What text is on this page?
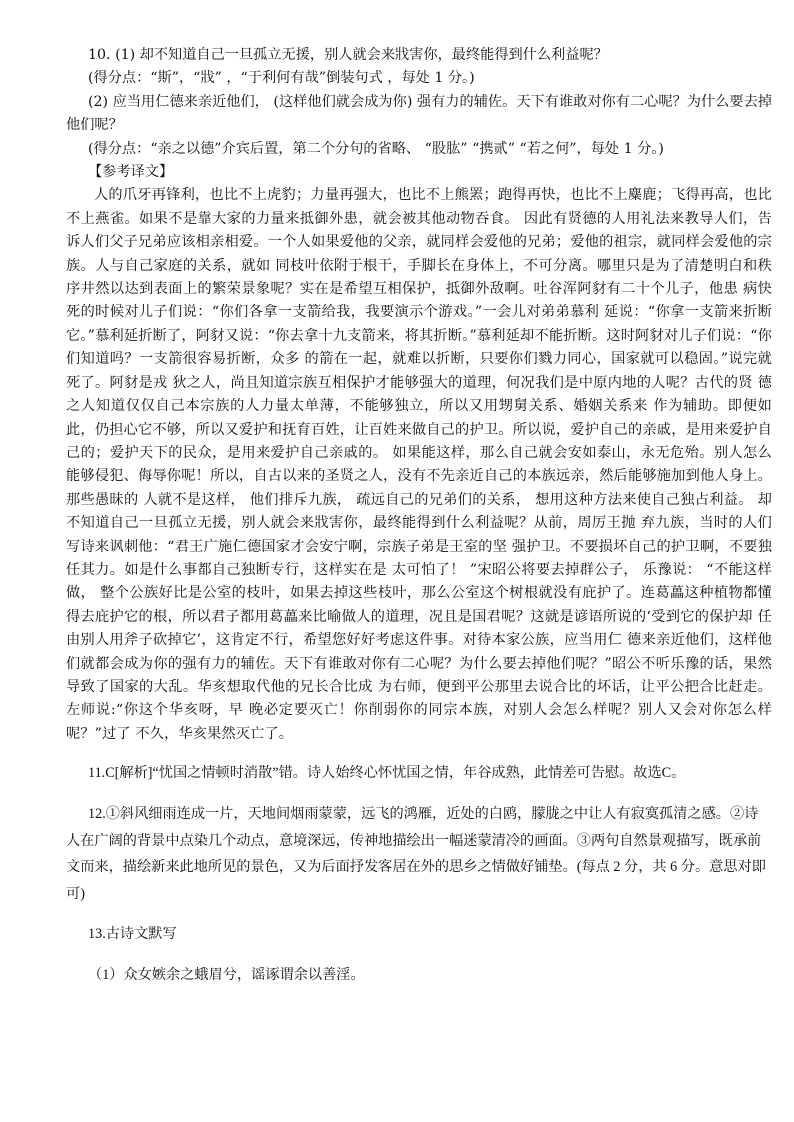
10. (1) 却不知道自己一旦孤立无援，别人就会来戕害你，最终能得到什么利益呢？

(得分点：“斯”，“戕” ，“于利何有哉”倒装句式 ，每处 1 分。)

(2) 应当用仁德来亲近他们， (这样他们就会成为你) 强有力的辅佐。天下有谁敢对你有二心呢？为什么要去掉他们呢？

(得分点：“亲之以德”介宾后置，第二个分句的省略、 “股肱” “携贰” “若之何”，每处 1 分。)

【参考译文】

人的爪牙再锋利，也比不上虎豹；力量再强大，也比不上熊罴；跑得再快，也比不上麋鹿；飞得再高，也比不上燕雀。如果不是靠大家的力量来抵御外患，就会被其他动物吞食。 因此有贤德的人用礼法来教导人们，告诉人们父子兄弟应该相亲相爱。一个人如果爱他的父亲，就同样会爱他的兄弟；爱他的祖宗，就同样会爱他的宗族。人与自己家庭的关系，就如 同枝叶依附于根干，手脚长在身体上，不可分离。哪里只是为了清楚明白和秩序井然以达到表面上的繁荣景象呢？实在是希望互相保护，抵御外敌啊。吐谷浑阿豺有二十个儿子，他患 病快死的时候对儿子们说：“你们各拿一支箭给我，我要演示个游戏。”一会儿对弟弟慕利 延说：“你拿一支箭来折断它。”慕利延折断了，阿豺又说：“你去拿十九支箭来，将其折断。”慕利延却不能折断。这时阿豺对儿子们说：“你们知道吗？一支箭很容易折断，众多 的箭在一起，就难以折断，只要你们戮力同心，国家就可以稳固。”说完就死了。阿豺是戎 狄之人，尚且知道宗族互相保护才能够强大的道理，何况我们是中原内地的人呢？古代的贤 德之人知道仅仅自己本宗族的人力量太单薄，不能够独立，所以又用甥舅关系、婚姻关系来 作为辅助。即便如此，仍担心它不够，所以又爱护和抚育百姓，让百姓来做自己的护卫。所以说，爱护自己的亲戚，是用来爱护自己的；爱护天下的民众，是用来爱护自己亲戚的。 如果能这样，那么自己就会安如泰山，永无危殆。别人怎么能够侵犯、侮辱你呢！所以，自古以来的圣贤之人，没有不先亲近自己的本族远亲，然后能够施加到他人身上。那些愚昧的 人就不是这样， 他们排斥九族， 疏远自己的兄弟们的关系， 想用这种方法来使自己独占利益。 却不知道自己一旦孤立无援，别人就会来戕害你，最终能得到什么利益呢？从前，周厉王抛 弃九族，当时的人们写诗来讽刺他：“君王广施仁德国家才会安宁啊，宗族子弟是王室的坚 强护卫。不要损坏自己的护卫啊，不要独任其力。如是什么事都自己独断专行，这样实在是 太可怕了！ ”宋昭公将要去掉群公子， 乐豫说： “不能这样做， 整个公族好比是公室的枝叶，如果去掉这些枝叶，那么公室这个树根就没有庇护了。连葛藟这种植物都懂得去庇护它的根，所以君子都用葛藟来比喻做人的道理，况且是国君呢？这就是谚语所说的‘受到它的保护却 任由别人用斧子砍掉它’，这肯定不行，希望您好好考虑这件事。对待本家公族，应当用仁 德来亲近他们，这样他们就都会成为你的强有力的辅佐。天下有谁敢对你有二心呢？为什么要去掉他们呢？”昭公不听乐豫的话，果然导致了国家的大乱。华亥想取代他的兄长合比成 为右师，便到平公那里去说合比的坏话，让平公把合比赶走。左师说:“你这个华亥呀，早 晚必定要灭亡！你削弱你的同宗本族，对别人会怎么样呢？别人又会对你怎么样呢？”过了 不久，华亥果然灭亡了。

11.C[解析]“忧国之情顿时消散”错。诗人始终心怀忧国之情，年谷成熟，此情差可告慰。故选C。

12.①斜风细雨连成一片，天地间烟雨蒙蒙，远飞的鸿雁，近处的白鸥，朦胧之中让人有寂寞孤清之感。②诗人在广阔的背景中点染几个动点，意境深远，传神地描绘出一幅迷蒙清冷的画面。③两句自然景观描写，既承前文而来，描绘新来此地所见的景色，又为后面抒发客居在外的思乡之情做好铺垫。(每点 2 分，共 6 分。意思对即可)

13.古诗文默写

（1）众女嫉余之蛾眉兮，谣诼谓余以善淫。
